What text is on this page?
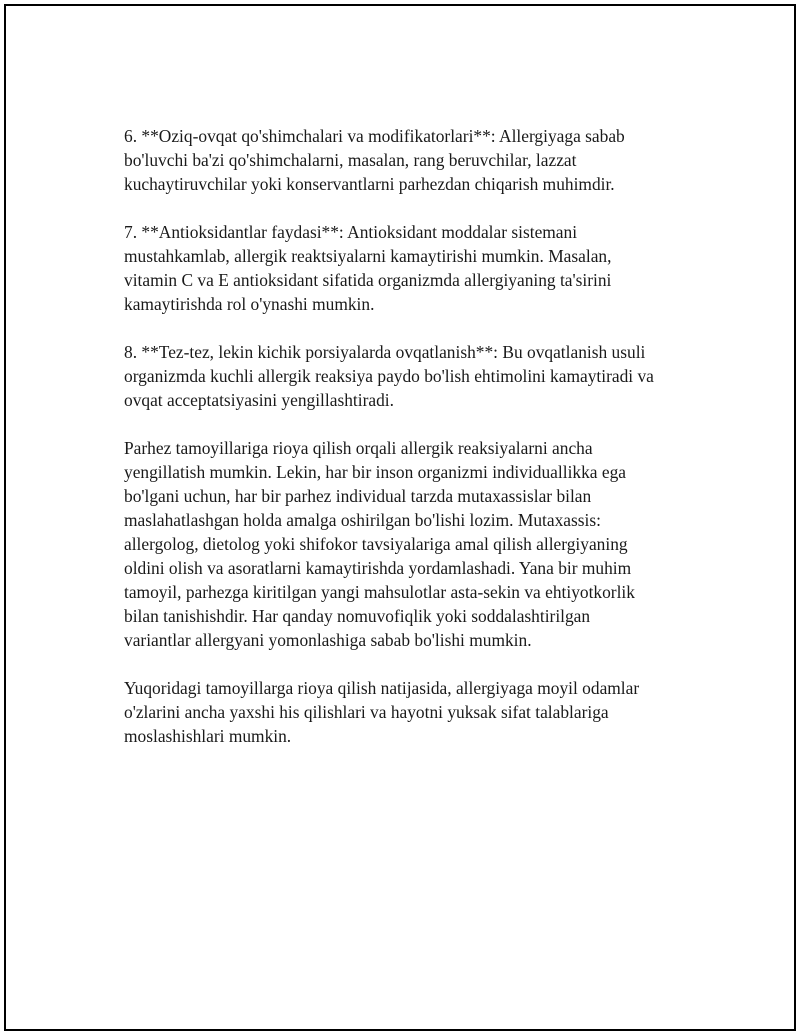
6. **Oziq-ovqat qo'shimchalari va modifikatorlari**: Allergiyaga sabab
bo'luvchi ba'zi qo'shimchalarni, masalan, rang beruvchilar, lazzat
kuchaytiruvchilar yoki konservantlarni parhezdan chiqarish muhimdir.

7. **Antioksidantlar faydasi**: Antioksidant moddalar sistemani
mustahkamlab, allergik reaktsiyalarni kamaytirishi mumkin. Masalan,
vitamin C va E antioksidant sifatida organizmda allergiyaning ta'sirini
kamaytirishda rol o'ynashi mumkin.

8. **Tez-tez, lekin kichik porsiyalarda ovqatlanish**: Bu ovqatlanish usuli
organizmda kuchli allergik reaksiya paydo bo'lish ehtimolini kamaytiradi va
ovqat acceptatsiyasini yengillashtiradi.

Parhez tamoyillariga rioya qilish orqali allergik reaksiyalarni ancha
yengillatish mumkin. Lekin, har bir inson organizmi individuallikka ega
bo'lgani uchun, har bir parhez individual tarzda mutaxassislar bilan
maslahatlashgan holda amalga oshirilgan bo'lishi lozim. Mutaxassis:
allergolog, dietolog yoki shifokor tavsiyalariga amal qilish allergiyaning
oldini olish va asoratlarni kamaytirishda yordamlashadi. Yana bir muhim
tamoyil, parhezga kiritilgan yangi mahsulotlar asta-sekin va ehtiyotkorlik
bilan tanishishdir. Har qanday nomuvofiqlik yoki soddalashtirilgan
variantlar allergyani yomonlashiga sabab bo'lishi mumkin.

Yuqoridagi tamoyillarga rioya qilish natijasida, allergiyaga moyil odamlar
o'zlarini ancha yaxshi his qilishlari va hayotni yuksak sifat talablariga
moslashishlari mumkin.
